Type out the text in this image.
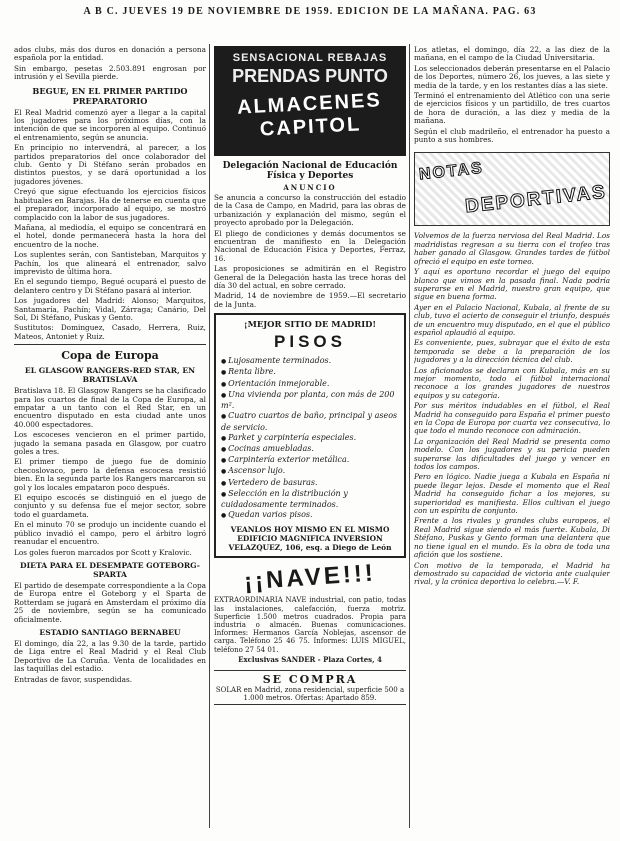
A B C. JUEVES 19 DE NOVIEMBRE DE 1959. EDICION DE LA MAÑANA. PAG. 63

ados clubs, más dos duros en donación a persona española por la entidad.

Sin embargo, pesetas 2.503.891 engrosan por intrusión y el Sevilla pierde.

BEGUE, EN EL PRIMER PARTIDO PREPARATORIO

El Real Madrid comenzó ayer a llegar a la capital los jugadores para los próximos días, con la intención de que se incorporen al equipo. Continuó el entrenamiento, según se anuncia.

En principio no intervendrá, al parecer, a los partidos preparatorios del once colaborador del club. Gento y Di Stéfano serán probados en distintos puestos, y se dará oportunidad a los jugadores jóvenes.

Creyó que sigue efectuando los ejercicios físicos habituales en Barajas. Ha de tenerse en cuenta que el preparador, incorporado al equipo, se mostró complacido con la labor de sus jugadores.

Mañana, al mediodía, el equipo se concentrará en el hotel, donde permanecerá hasta la hora del encuentro de la noche.

Los suplentes serán, con Santisteban, Marquitos y Pachín, los que alineará el entrenador, salvo imprevisto de última hora.

En el segundo tiempo, Begué ocupará el puesto de delantero centro y Di Stéfano pasará al interior.

Los jugadores del Madrid: Alonso; Marquitos, Santamaría, Pachín; Vidal, Zárraga; Canário, Del Sol, Di Stéfano, Puskas y Gento.

Sustitutos: Dominguez, Casado, Herrera, Ruiz, Mateos, Antoniet y Ruiz.

Copa de Europa
EL GLASGOW RANGERS-RED STAR, EN BRATISLAVA

Bratislava 18. El Glasgow Rangers se ha clasificado para los cuartos de final de la Copa de Europa, al empatar a un tanto con el Red Star, en un encuentro disputado en esta ciudad ante unos 40.000 espectadores.

Los escoceses vencieron en el primer partido, jugado la semana pasada en Glasgow, por cuatro goles a tres.

El primer tiempo de juego fue de dominio checoslovaco, pero la defensa escocesa resistió bien. En la segunda parte los Rangers marcaron su gol y los locales empataron poco después.

El equipo escocés se distinguió en el juego de conjunto y su defensa fue el mejor sector, sobre todo el guardameta.

En el minuto 70 se produjo un incidente cuando el público invadió el campo, pero el árbitro logró reanudar el encuentro.

Los goles fueron marcados por Scott y Kralovic.

DIETA PARA EL DESEMPATE GOTEBORG-SPARTA

El partido de desempate correspondiente a la Copa de Europa entre el Goteborg y el Sparta de Rotterdam se jugará en Amsterdam el próximo día 25 de noviembre, según se ha comunicado oficialmente.

ESTADIO SANTIAGO BERNABEU

El domingo, día 22, a las 9.30 de la tarde, partido de Liga entre el Real Madrid y el Real Club Deportivo de La Coruña. Venta de localidades en las taquillas del estadio.

Entradas de favor, suspendidas.

SENSACIONAL REBAJAS
PRENDAS PUNTO
ALMACENES CAPITOL
Delegación Nacional de Educación Física y Deportes
ANUNCIO

Se anuncia a concurso la construcción del estadio de la Casa de Campo, en Madrid, para las obras de urbanización y explanación del mismo, según el proyecto aprobado por la Delegación.

El pliego de condiciones y demás documentos se encuentran de manifiesto en la Delegación Nacional de Educación Física y Deportes, Ferraz, 16.

Las proposiciones se admitirán en el Registro General de la Delegación hasta las trece horas del día 30 del actual, en sobre cerrado.

Madrid, 14 de noviembre de 1959.—El secretario de la Junta.

¡MEJOR SITIO DE MADRID!
PISOS
● Lujosamente terminados.
● Renta libre.
● Orientación inmejorable.
● Una vivienda por planta, con más de 200 m².
● Cuatro cuartos de baño, principal y aseos de servicio.
● Parket y carpintería especiales.
● Cocinas amuebladas.
● Carpintería exterior metálica.
● Ascensor lujo.
● Vertedero de basuras.
● Selección en la distribución y cuidadosamente terminados.
● Quedan varios pisos.
VEANLOS HOY MISMO EN EL MISMO EDIFICIO MAGNIFICA INVERSION VELAZQUEZ, 106, esq. a Diego de León
¡¡NAVE!!!
EXTRAORDINARIA NAVE industrial, con patio, todas las instalaciones, calefacción, fuerza motriz. Superficie 1.500 metros cuadrados. Propia para industria o almacén. Buenas comunicaciones. Informes: Hermanos García Noblejas, ascensor de carga. Teléfono 25 46 75. Informes: LUIS MIGUEL, teléfono 27 54 01.
Exclusivas SANDER - Plaza Cortes, 4
SE COMPRA
SOLAR en Madrid, zona residencial, superficie 500 a 1.000 metros. Ofertas: Apartado 859.

Los atletas, el domingo, día 22, a las diez de la mañana, en el campo de la Ciudad Universitaria.

Los seleccionados deberán presentarse en el Palacio de los Deportes, número 26, los jueves, a las siete y media de la tarde, y en los restantes días a las siete.

Terminó el entrenamiento del Atlético con una serie de ejercicios físicos y un partidillo, de tres cuartos de hora de duración, a las diez y media de la mañana.

Según el club madrileño, el entrenador ha puesto a punto a sus hombres.

NOTAS
DEPORTIVAS

Volvemos de la fuerza nerviosa del Real Madrid. Los madridistas regresan a su tierra con el trofeo tras haber ganado al Glasgow. Grandes tardes de fútbol ofreció el equipo en este torneo.

Y aquí es oportuno recordar el juego del equipo blanco que vimos en la pasada final. Nada podría superarse en el Madrid, nuestro gran equipo, que sigue en buena forma.

Ayer en el Palacio Nacional, Kubala, al frente de su club, tuvo el acierto de conseguir el triunfo, después de un encuentro muy disputado, en el que el público español aplaudió al equipo.

Es conveniente, pues, subrayar que el éxito de esta temporada se debe a la preparación de los jugadores y a la dirección técnica del club.

Los aficionados se declaran con Kubala, más en su mejor momento, todo el fútbol internacional reconoce a los grandes jugadores de nuestros equipos y su categoría.

Por sus méritos indudables en el fútbol, el Real Madrid ha conseguido para España el primer puesto en la Copa de Europa por cuarta vez consecutiva, lo que todo el mundo reconoce con admiración.

La organización del Real Madrid se presenta como modelo. Con los jugadores y su pericia pueden superarse las dificultades del juego y vencer en todos los campos.

Pero en lógico. Nadie juega a Kubala en España ni puede llegar lejos. Desde el momento que el Real Madrid ha conseguido fichar a los mejores, su superioridad es manifiesta. Ellos cultivan el juego con un espíritu de conjunto.

Frente a los rivales y grandes clubs europeos, el Real Madrid sigue siendo el más fuerte. Kubala, Di Stéfano, Puskas y Gento forman una delantera que no tiene igual en el mundo. Es la obra de toda una afición que los sostiene.

Con motivo de la temporada, el Madrid ha demostrado su capacidad de victoria ante cualquier rival, y la crónica deportiva lo celebra.—V. F.
